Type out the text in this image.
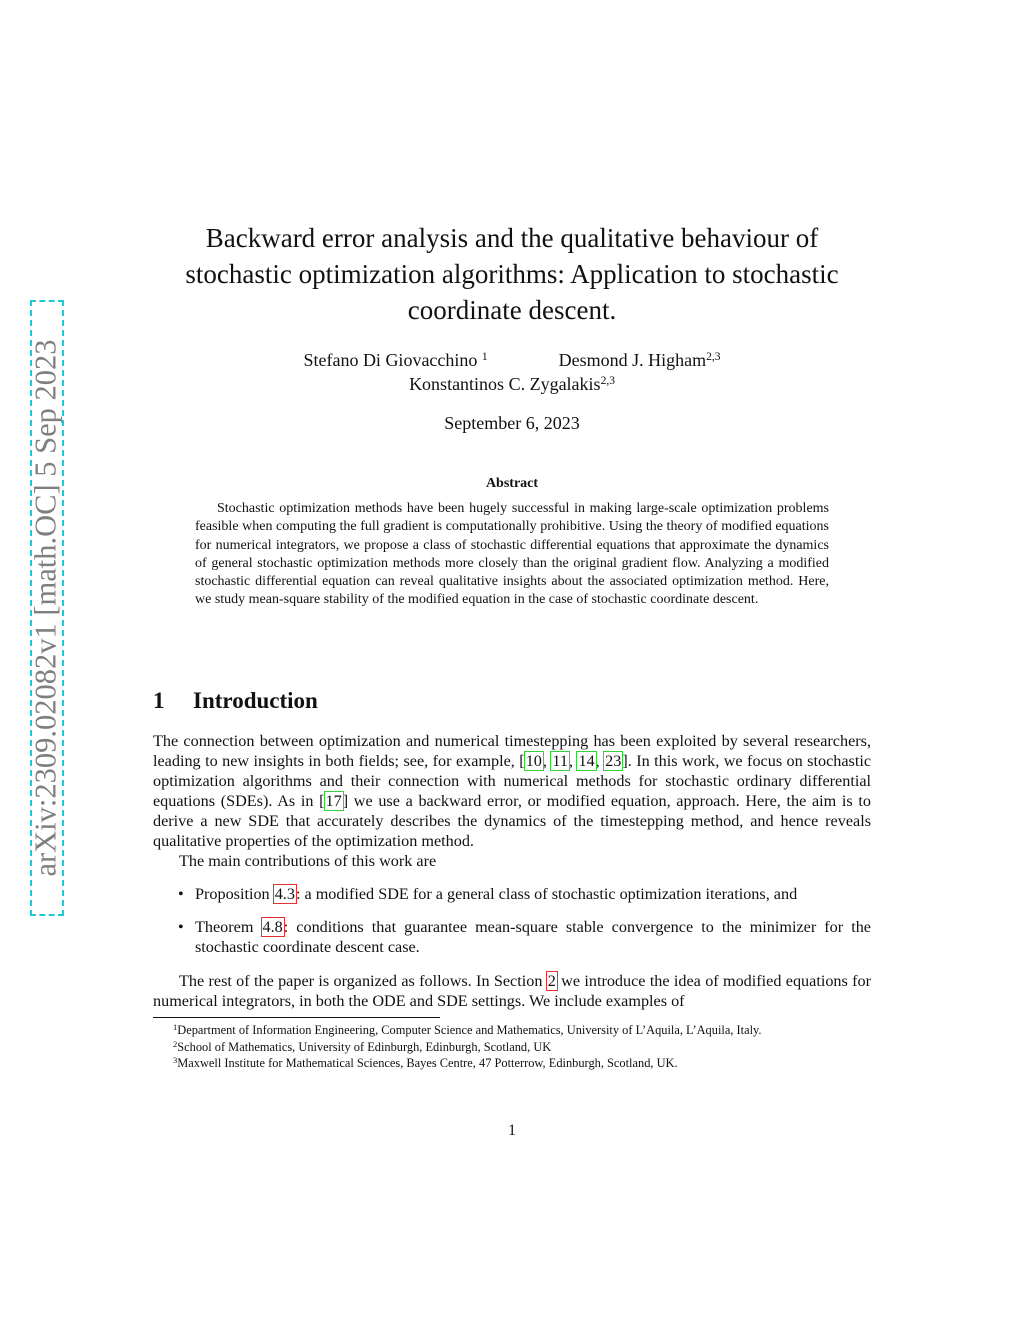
arXiv:2309.02082v1 [math.OC] 5 Sep 2023
Backward error analysis and the qualitative behaviour of
stochastic optimization algorithms: Application to stochastic
coordinate descent.
Stefano Di Giovacchino $^1$	Desmond J. Higham$^{2,3}$
Konstantinos C. Zygalakis$^{2,3}$
September 6, 2023
Abstract
Stochastic optimization methods have been hugely successful in making large-scale optimization problems feasible when computing the full gradient is computationally prohibitive. Using the theory of modified equations for numerical integrators, we propose a class of stochastic differential equations that approximate the dynamics of general stochastic optimization methods more closely than the original gradient flow. Analyzing a modified stochastic differential equation can reveal qualitative insights about the associated optimization method. Here, we study mean-square stability of the modified equation in the case of stochastic coordinate descent.
1 Introduction
The connection between optimization and numerical timestepping has been exploited by several researchers, leading to new insights in both fields; see, for example, [10, 11, 14, 23]. In this work, we focus on stochastic optimization algorithms and their connection with numerical methods for stochastic ordinary differential equations (SDEs). As in [17] we use a backward error, or modified equation, approach. Here, the aim is to derive a new SDE that accurately describes the dynamics of the timestepping method, and hence reveals qualitative properties of the optimization method.
The main contributions of this work are
• Proposition 4.3: a modified SDE for a general class of stochastic optimization iterations, and
• Theorem 4.8: conditions that guarantee mean-square stable convergence to the minimizer for the stochastic coordinate descent case.
The rest of the paper is organized as follows. In Section 2 we introduce the idea of modified equations for numerical integrators, in both the ODE and SDE settings. We include examples of
$^1$Department of Information Engineering, Computer Science and Mathematics, University of L’Aquila, L’Aquila, Italy.
$^2$School of Mathematics, University of Edinburgh, Edinburgh, Scotland, UK
$^3$Maxwell Institute for Mathematical Sciences, Bayes Centre, 47 Potterrow, Edinburgh, Scotland, UK.
1
